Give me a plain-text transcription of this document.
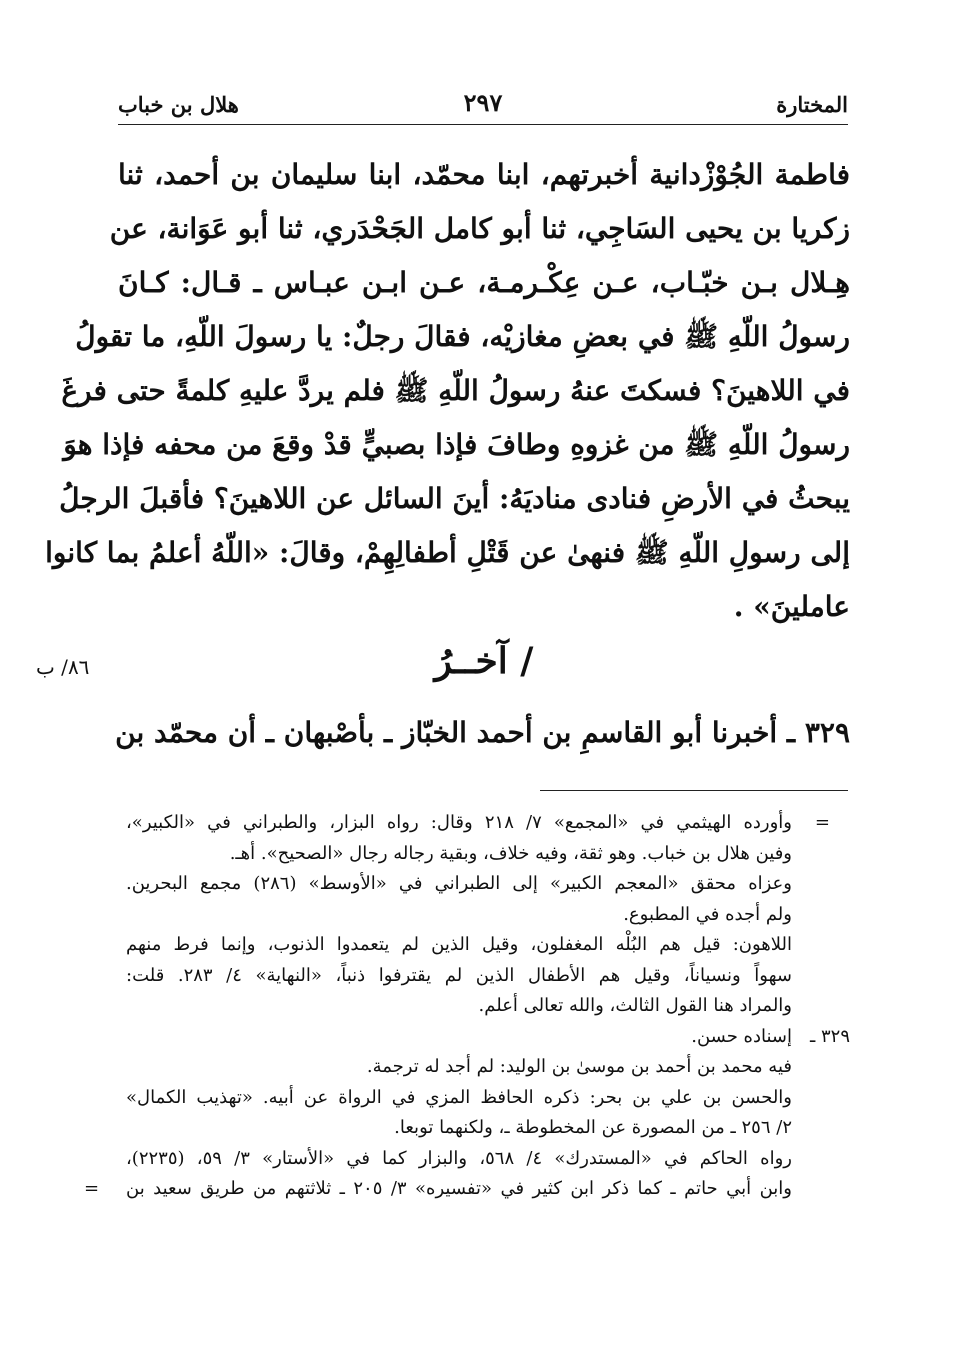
المختارة
٢٩٧
هلال بن خباب
فاطمة الجُوْزْدانية أخبرتهم، ابنا محمّد، ابنا سليمان بن أحمد، ثنا
زكريا بن يحيى السَاجِي، ثنا أبو كامل الجَحْدَري، ثنا أبو عَوَانة، عن
هِـلال بـن خبّـاب، عـن عِكْـرمـة، عـن ابـن عبـاس ـ قـال: كـانَ
رسولُ اللّهِ ﷺ في بعضِ مغازيْه، فقالَ رجلٌ: يا رسولَ اللّهِ، ما تقولُ
في اللاهينَ؟ فسكتَ عنهُ رسولُ اللّهِ ﷺ فلم يردَّ عليهِ كلمةً حتى فرغَ
رسولُ اللّهِ ﷺ من غزوهِ وطافَ فإذا بصبيٍّ قدْ وقعَ من محفه فإذا هوَ
يبحثُ في الأرضِ فنادى مناديَهُ: أينَ السائل عن اللاهينَ؟ فأقبلَ الرجلُ
إلى رسولِ اللّهِ ﷺ فنهىٰ عن قَتْلِ أطفالِهِمْ، وقالَ: «اللّهُ أعلمُ بما كانوا
عاملينَ» .
/ آخــرُ
٨٦/ ب
٣٢٩ ـ أخبرنا أبو القاسمِ بن أحمد الخبّاز ـ بأصْبهان ـ أن محمّد بن
=
وأورده الهيثمي في «المجمع» ٧/ ٢١٨ وقال: رواه البزار، والطبراني في «الكبير»،
وفين هلال بن خباب. وهو ثقة، وفيه خلاف، وبقية رجاله رجال «الصحيح». أهـ.
وعزاه محقق «المعجم الكبير» إلى الطبراني في «الأوسط» (٢٨٦) مجمع البحرين.
ولم أجده في المطبوع.
اللاهون: قيل هم البُلْه المغفلون، وقيل الذين لم يتعمدوا الذنوب، وإنما فرط منهم
سهواً ونسياناً، وقيل هم الأطفال الذين لم يقترفوا ذنباً، «النهاية» ٤/ ٢٨٣. قلت:
والمراد هنا القول الثالث، والله تعالى أعلم.
٣٢٩ ـ
إسناده حسن.
فيه محمد بن أحمد بن موسىٰ بن الوليد: لم أجد له ترجمة.
والحسن بن علي بن بحر: ذكره الحافظ المزي في الرواة عن أبيه. «تهذيب الكمال»
٢/ ٢٥٦ ـ من المصورة عن المخطوطة ـ، ولكنهما توبعا.
رواه الحاكم في «المستدرك» ٤/ ٥٦٨، والبزار كما في «الأستار» ٣/ ٥٩، (٢٢٣٥)،
وابن أبي حاتم ـ كما ذكر ابن كثير في «تفسيره» ٣/ ٢٠٥ ـ ثلاثتهم من طريق سعيد بن
=
